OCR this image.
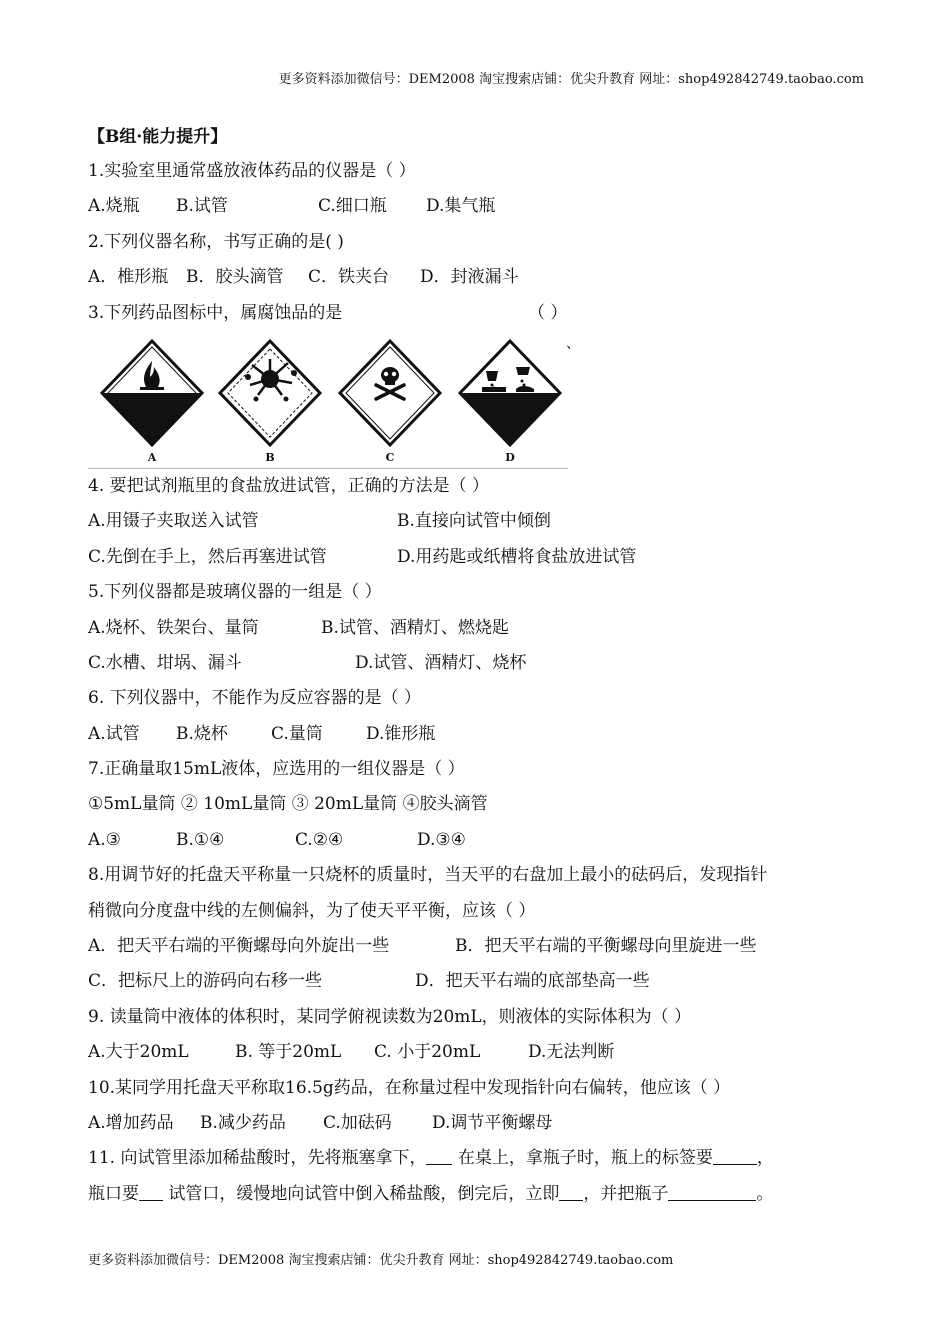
更多资料添加微信号：DEM2008 淘宝搜索店铺：优尖升教育 网址：shop492842749.taobao.com
【B组·能力提升】
1.实验室里通常盛放液体药品的仪器是（ ）
A.烧瓶	B.试管	C.细口瓶	D.集气瓶
2.下列仪器名称，书写正确的是( )
A．椎形瓶	B．胶头滴管	C．铁夹台	D．封液漏斗
3.下列药品图标中，属腐蚀品的是	（ ）
、
A	B	C	D
4. 要把试剂瓶里的食盐放进试管，正确的方法是（ ）
A.用镊子夹取送入试管	B.直接向试管中倾倒
C.先倒在手上，然后再塞进试管	D.用药匙或纸槽将食盐放进试管
5.下列仪器都是玻璃仪器的一组是（ ）
A.烧杯、铁架台、量筒	B.试管、酒精灯、燃烧匙
C.水槽、坩埚、漏斗	D.试管、酒精灯、烧杯
6. 下列仪器中，不能作为反应容器的是（ ）
A.试管	B.烧杯	C.量筒	D.锥形瓶
7.正确量取15mL液体，应选用的一组仪器是（ ）
①5mL量筒 ② 10mL量筒 ③ 20mL量筒 ④胶头滴管
A.③	B.①④	C.②④	D.③④
8.用调节好的托盘天平称量一只烧杯的质量时，当天平的右盘加上最小的砝码后，发现指针
稍微向分度盘中线的左侧偏斜，为了使天平平衡，应该（ ）
A．把天平右端的平衡螺母向外旋出一些	B．把天平右端的平衡螺母向里旋进一些
C．把标尺上的游码向右移一些	D．把天平右端的底部垫高一些
9. 读量筒中液体的体积时，某同学俯视读数为20mL，则液体的实际体积为（ ）
A.大于20mL	B. 等于20mL	C. 小于20mL	D.无法判断
10.某同学用托盘天平称取16.5g药品，在称量过程中发现指针向右偏转，他应该（ ）
A.增加药品	B.减少药品	C.加砝码	D.调节平衡螺母
11. 向试管里添加稀盐酸时，先将瓶塞拿下， 在桌上，拿瓶子时，瓶上的标签要	，
瓶口要 试管口，缓慢地向试管中倒入稀盐酸，倒完后，立即 ，并把瓶子	。
更多资料添加微信号：DEM2008 淘宝搜索店铺：优尖升教育 网址：shop492842749.taobao.com
